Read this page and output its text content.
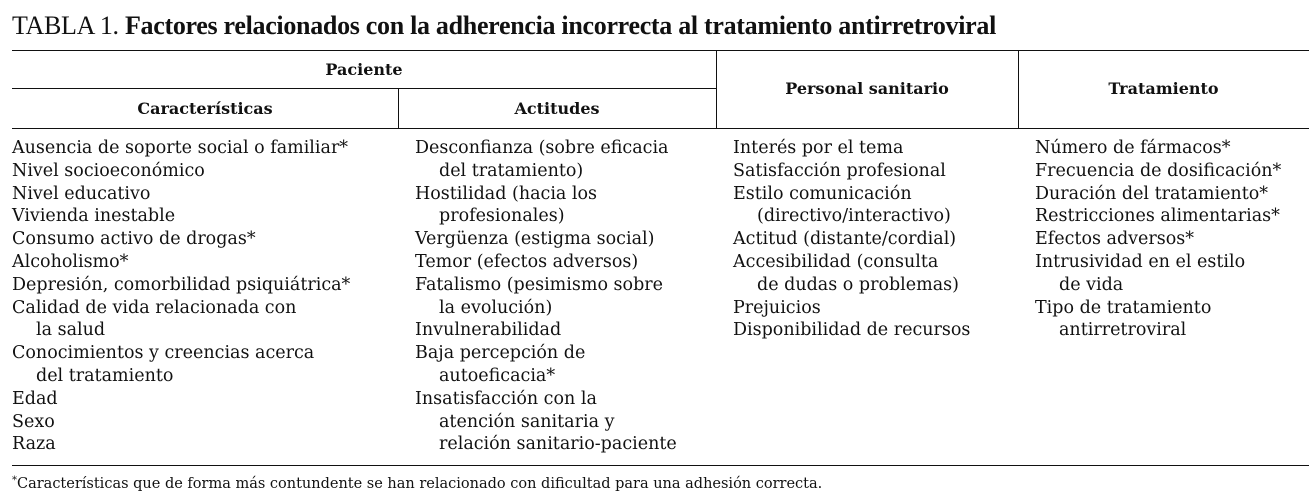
TABLA 1. Factores relacionados con la adherencia incorrecta al tratamiento antirretroviral
Paciente
Características	Actitudes
Personal sanitario	Tratamiento
Ausencia de soporte social o familiar*
Nivel socioeconómico
Nivel educativo
Vivienda inestable
Consumo activo de drogas*
Alcoholismo*
Depresión, comorbilidad psiquiátrica*
Calidad de vida relacionada con
la salud
Conocimientos y creencias acerca
del tratamiento
Edad
Sexo
Raza
Desconfianza (sobre eficacia
del tratamiento)
Hostilidad (hacia los
profesionales)
Vergüenza (estigma social)
Temor (efectos adversos)
Fatalismo (pesimismo sobre
la evolución)
Invulnerabilidad
Baja percepción de
autoeficacia*
Insatisfacción con la
atención sanitaria y
relación sanitario-paciente
Interés por el tema
Satisfacción profesional
Estilo comunicación
(directivo/interactivo)
Actitud (distante/cordial)
Accesibilidad (consulta
de dudas o problemas)
Prejuicios
Disponibilidad de recursos
Número de fármacos*
Frecuencia de dosificación*
Duración del tratamiento*
Restricciones alimentarias*
Efectos adversos*
Intrusividad en el estilo
de vida
Tipo de tratamiento
antirretroviral
*Características que de forma más contundente se han relacionado con dificultad para una adhesión correcta.
